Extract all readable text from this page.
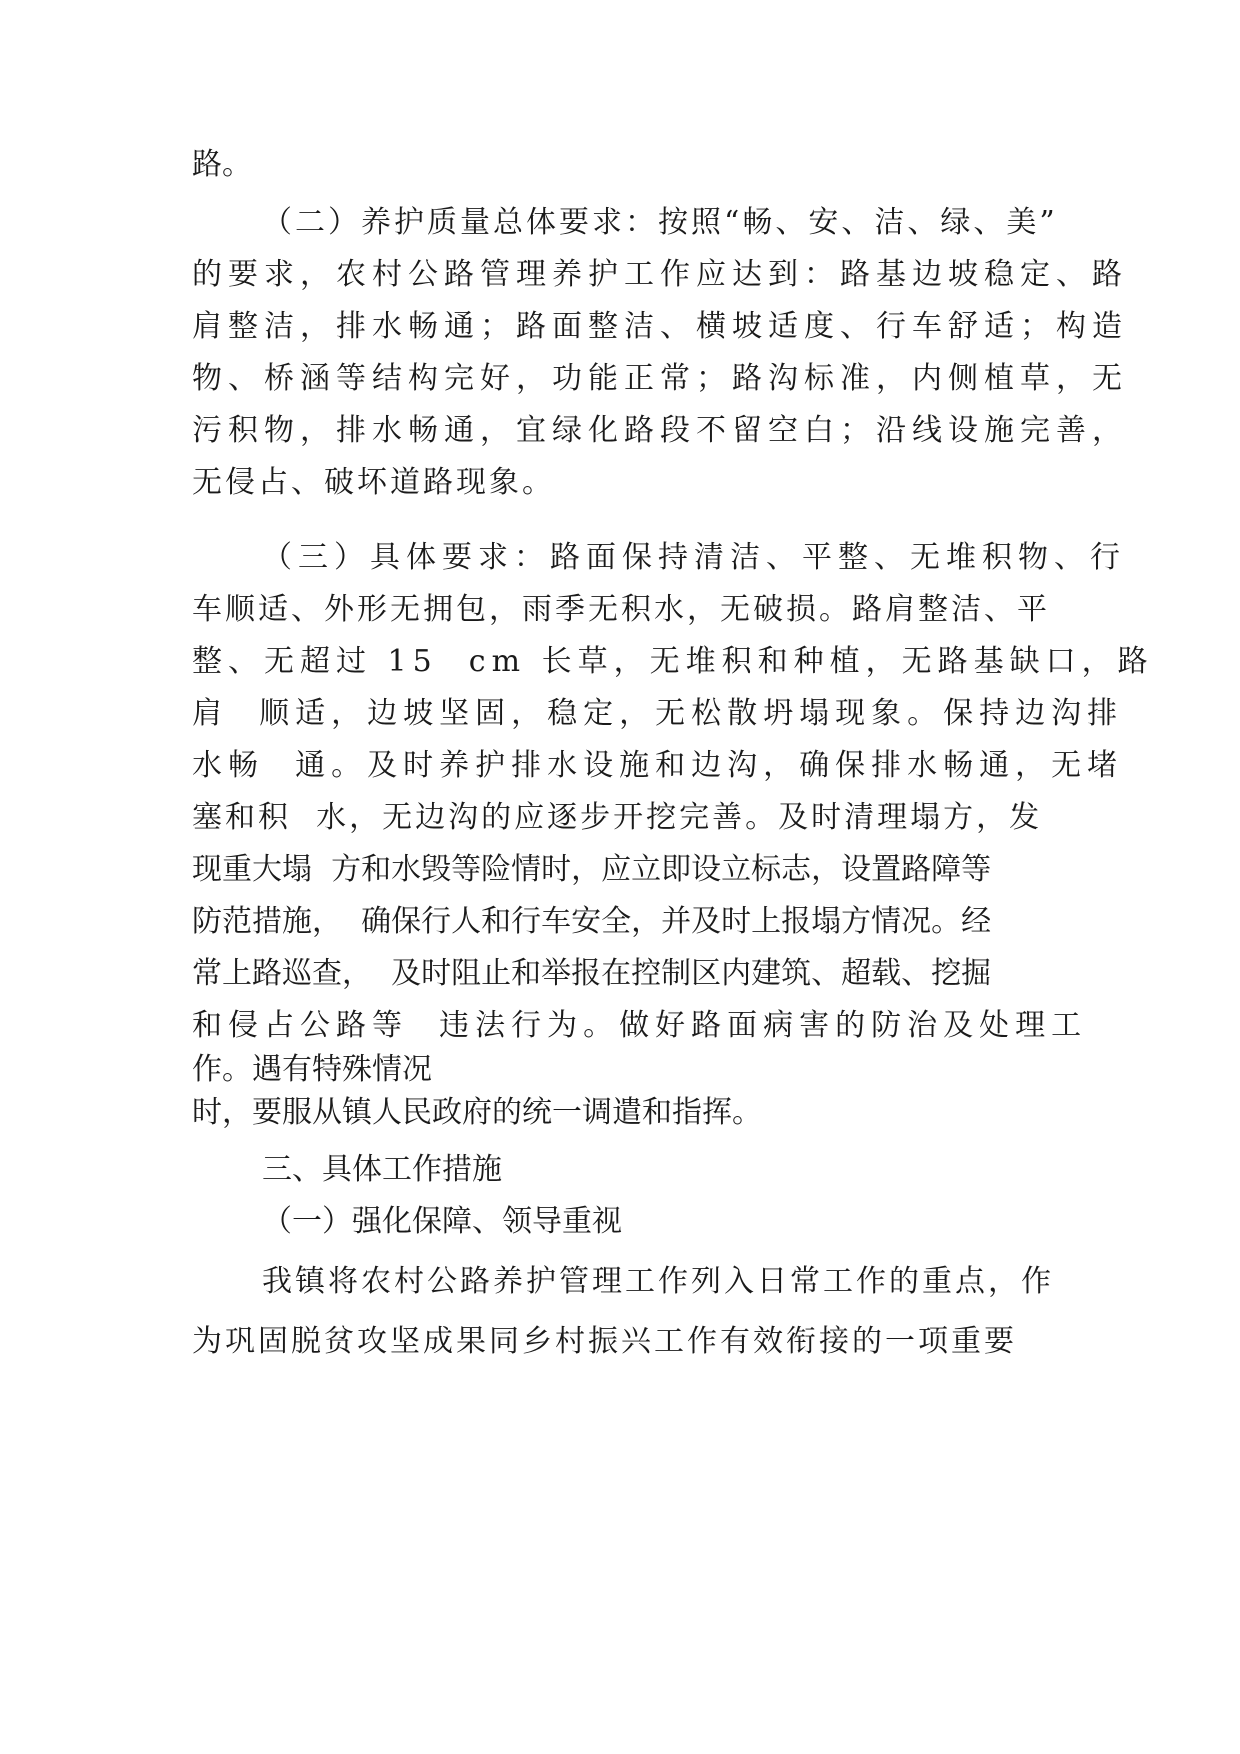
路。
（二）养护质量总体要求：按照“畅、安、洁、绿、美”
的要求，农村公路管理养护工作应达到：路基边坡稳定、路
肩整洁，排水畅通；路面整洁、横坡适度、行车舒适；构造
物、桥涵等结构完好，功能正常；路沟标准，内侧植草，无
污积物，排水畅通，宜绿化路段不留空白；沿线设施完善，
无侵占、破坏道路现象。
（三）具体要求：路面保持清洁、平整、无堆积物、行
车顺适、外形无拥包，雨季无积水，无破损。路肩整洁、平
整、无超过 15  cm 长草，无堆积和种植，无路基缺口，路
肩  顺适，边坡坚固，稳定，无松散坍塌现象。保持边沟排
水畅  通。及时养护排水设施和边沟，确保排水畅通，无堵
塞和积  水，无边沟的应逐步开挖完善。及时清理塌方，发
现重大塌  方和水毁等险情时，应立即设立标志，设置路障等
防范措施，  确保行人和行车安全，并及时上报塌方情况。经
常上路巡查，  及时阻止和举报在控制区内建筑、超载、挖掘
和侵占公路等  违法行为。做好路面病害的防治及处理工
作。遇有特殊情况
时，要服从镇人民政府的统一调遣和指挥。
三、具体工作措施
（一）强化保障、领导重视
我镇将农村公路养护管理工作列入日常工作的重点，作
为巩固脱贫攻坚成果同乡村振兴工作有效衔接的一项重要
